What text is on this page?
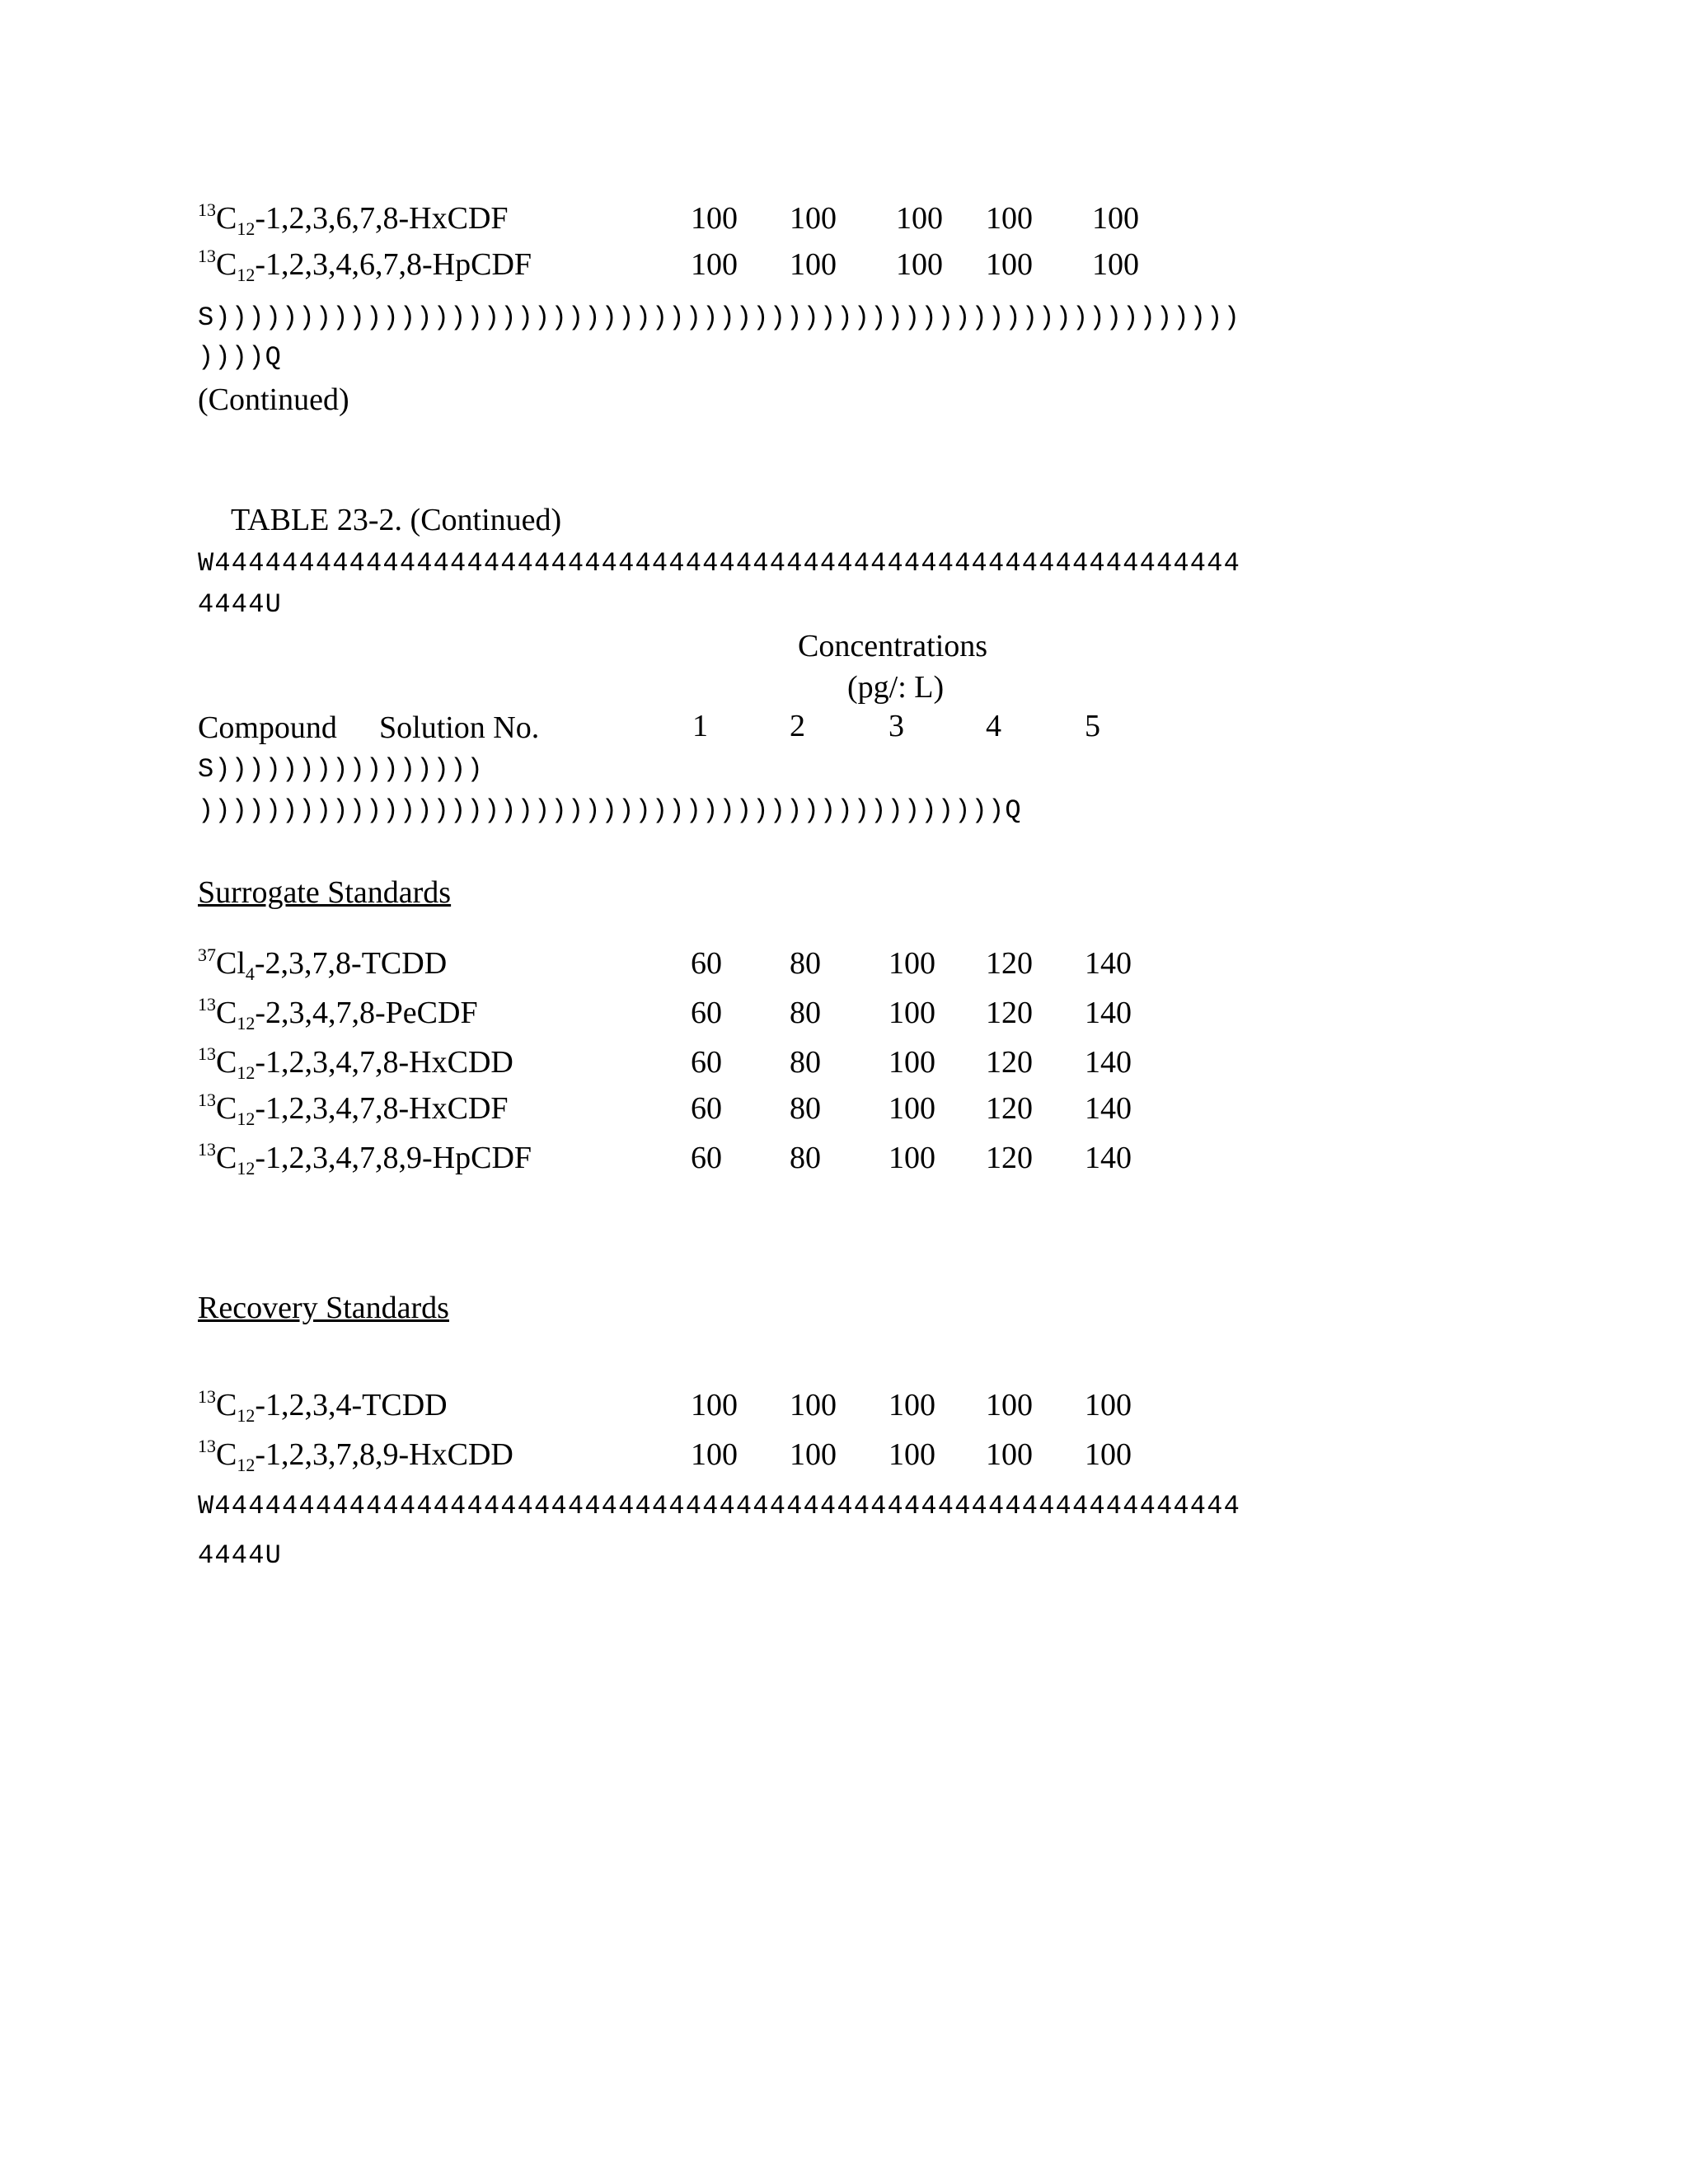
$^{13}C_{12}-1,2,3,6,7,8$-HxCDF	100 100 100 100 100
$^{13}C_{12}-1,2,3,4,6,7,8$-HpCDF	100 100 100 100 100
S)))))))))))))))))))))))))))))))))))))))))))))))))))))))))))))
))))Q
(Continued)
TABLE 23-2. (Continued)
W4444444444444444444444444444444444444444444444444444444444444
4444U
Concentrations
(pg/: L)
Compound Solution No.	1	2	3	4	5
S))))))))))))))))
))))))))))))))))))))))))))))))))))))))))))))))))Q
Surrogate Standards
$^{37}Cl_4-2,3,7,8$-TCDD	60 80 100 120 140
$^{13}C_{12}-2,3,4,7,8$-PeCDF	60 80 100 120 140
$^{13}C_{12}-1,2,3,4,7,8$-HxCDD	60 80 100 120 140
$^{13}C_{12}-1,2,3,4,7,8$-HxCDF	60 80 100 120 140
$^{13}C_{12}-1,2,3,4,7,8,9$-HpCDF	60 80 100 120 140
Recovery Standards
$^{13}C_{12}-1,2,3,4$-TCDD	100 100 100 100 100
$^{13}C_{12}-1,2,3,7,8,9$-HxCDD	100 100 100 100 100
W4444444444444444444444444444444444444444444444444444444444444
4444U
